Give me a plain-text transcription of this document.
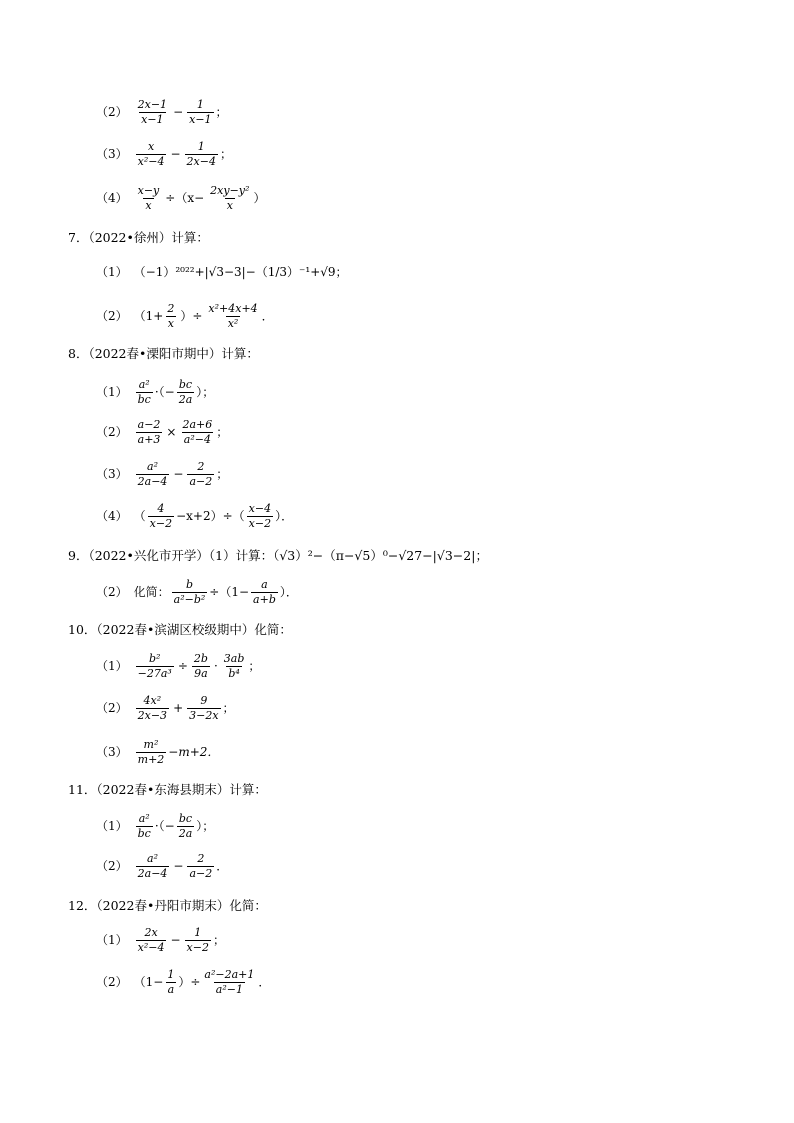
$(2) \frac{2x-1}{x-1} - \frac{1}{x-1}$ ；
$(3) \frac{x}{\text{x²−4}} - \frac{1}{2x-4}$ ；
$(4) \frac{x-y}{x} \div(x- \frac{\text{2xy−y²}}{x}$ ）
7．（2022•徐州）计算：
（1） （−1）²⁰²²+|√3−3|−（1/3）⁻¹+√9；
（2） （$1+ \frac{2}{x}$ ）÷ $\frac{\text{x²+4x+4}}{\text{x²}}$ ．
8．（2022春•溧阳市期中）计算：
$(1) \frac{\text{a²}}{bc}$ ·（− $\frac{bc}{2a}$ ）；
$(2) \frac{a-2}{a+3} \times \frac{2a+6}{\text{a²−4}}$ ；
$(3) \frac{\text{a²}}{2a-4} - \frac{2}{a-2}$ ；
（4） （ $\frac{4}{x-2} -x+2)\div( \frac{x-4}{x-2}$ ）．
9．（2022•兴化市开学）（1）计算：（√3）²−（π−√5）⁰−√27−|√3−2|；
（2） 化简： $\frac{b}{\text{a²−b²}} \div(1- \frac{a}{a+b}$ ）．
10．（2022春•滨湖区校级期中）化简：
$(1) \frac{\text{b²}}{\text{−27a³}} \div \frac{2b}{9a} \cdot \frac{3ab}{\text{b⁴}}$ ；
$(2) \frac{\text{4x²}}{2x-3} + \frac{9}{3-2x}$ ；
$(3) \frac{\text{m²}}{m+2} -m+2$．
11．（2022春•东海县期末）计算：
$(1) \frac{\text{a²}}{bc}$ ·（− $\frac{bc}{2a}$ ）；
$(2) \frac{\text{a²}}{2a-4} - \frac{2}{a-2}$ ．
12．（2022春•丹阳市期末）化简：
$(1) \frac{2x}{\text{x²−4}} - \frac{1}{x-2}$ ；
（2） （$1- \frac{1}{a}$ ）÷ $\frac{\text{a²−2a+1}}{\text{a²−1}}$ ．
